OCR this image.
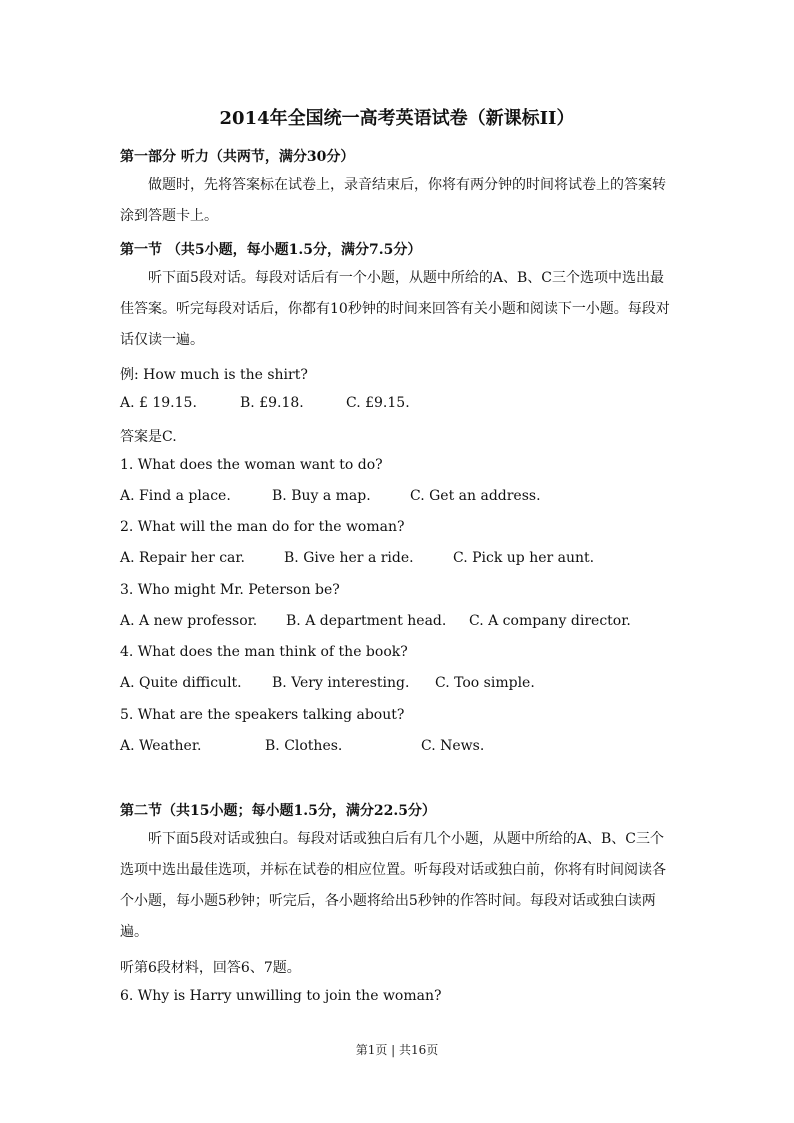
2014年全国统一高考英语试卷（新课标II）
第一部分 听力（共两节，满分30分）
做题时，先将答案标在试卷上，录音结束后，你将有两分钟的时间将试卷上的答案转涂到答题卡上。
第一节 （共5小题，每小题1.5分，满分7.5分）
听下面5段对话。每段对话后有一个小题，从题中所给的A、B、C三个选项中选出最佳答案。听完每段对话后，你都有10秒钟的时间来回答有关小题和阅读下一小题。每段对话仅读一遍。
例: How much is the shirt?
A. £ 19.15.	B. £9.18.	C. £9.15.
答案是C.
1. What does the woman want to do?
A. Find a place.	B. Buy a map.	C. Get an address.
2. What will the man do for the woman?
A. Repair her car.	B. Give her a ride.	C. Pick up her aunt.
3. Who might Mr. Peterson be?
A. A new professor. B. A department head. C. A company director.
4. What does the man think of the book?
A. Quite difficult. B. Very interesting. C. Too simple.
5. What are the speakers talking about?
A. Weather.	B. Clothes.	C. News.
第二节（共15小题；每小题1.5分，满分22.5分）
听下面5段对话或独白。每段对话或独白后有几个小题，从题中所给的A、B、C三个选项中选出最佳选项，并标在试卷的相应位置。听每段对话或独白前，你将有时间阅读各个小题，每小题5秒钟；听完后，各小题将给出5秒钟的作答时间。每段对话或独白读两遍。
听第6段材料，回答6、7题。
6. Why is Harry unwilling to join the woman?
第1页 | 共16页
